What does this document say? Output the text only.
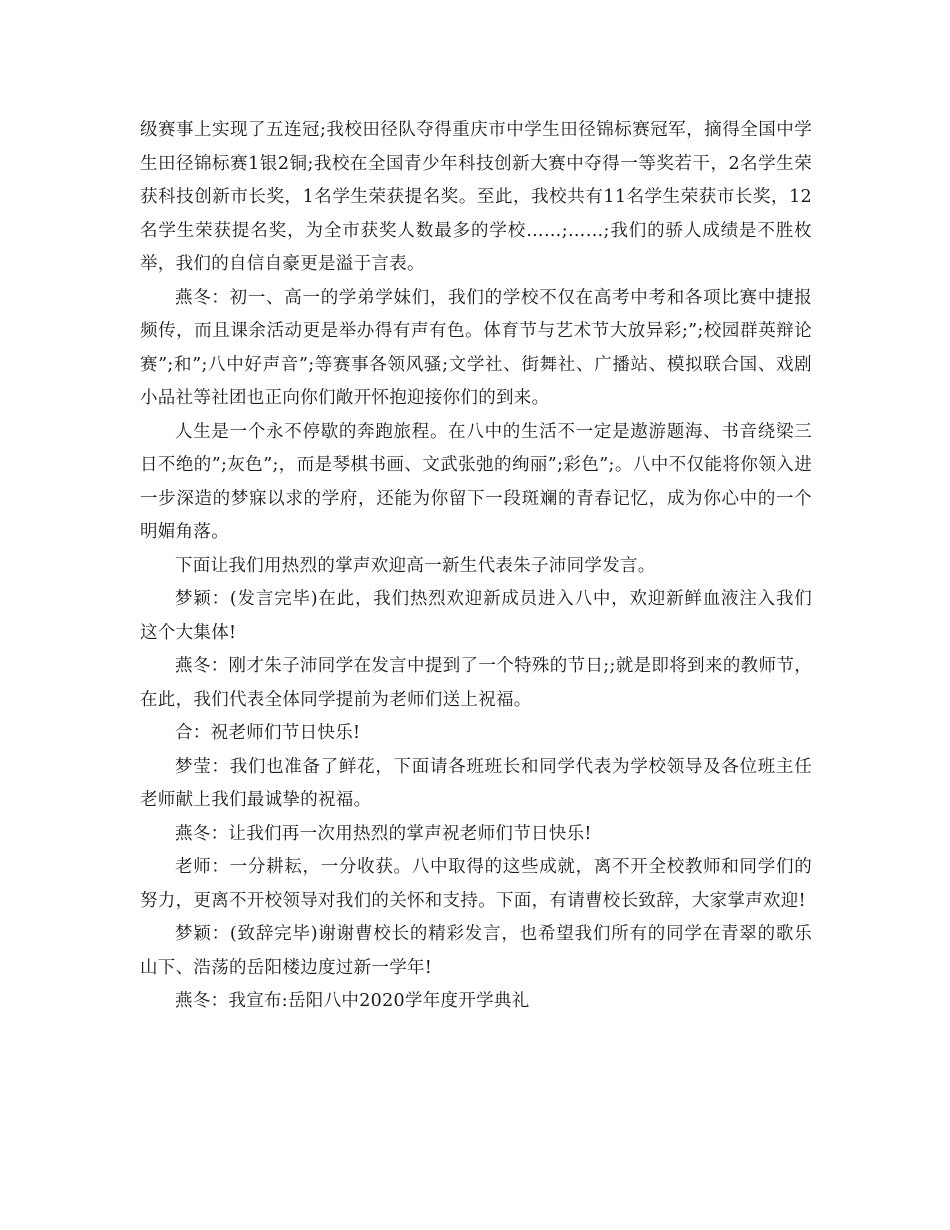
级赛事上实现了五连冠;我校田径队夺得重庆市中学生田径锦标赛冠军，摘得全国中学生田径锦标赛1银2铜;我校在全国青少年科技创新大赛中夺得一等奖若干，2名学生荣获科技创新市长奖，1名学生荣获提名奖。至此，我校共有11名学生荣获市长奖，12名学生荣获提名奖，为全市获奖人数最多的学校……;……;我们的骄人成绩是不胜枚举，我们的自信自豪更是溢于言表。

燕冬：初一、高一的学弟学妹们，我们的学校不仅在高考中考和各项比赛中捷报频传，而且课余活动更是举办得有声有色。体育节与艺术节大放异彩;”;校园群英辩论赛”;和”;八中好声音”;等赛事各领风骚;文学社、街舞社、广播站、模拟联合国、戏剧小品社等社团也正向你们敞开怀抱迎接你们的到来。

人生是一个永不停歇的奔跑旅程。在八中的生活不一定是遨游题海、书音绕梁三日不绝的”;灰色”;，而是琴棋书画、文武张弛的绚丽”;彩色”;。八中不仅能将你领入进一步深造的梦寐以求的学府，还能为你留下一段斑斓的青春记忆，成为你心中的一个明媚角落。

下面让我们用热烈的掌声欢迎高一新生代表朱子沛同学发言。

梦颖：(发言完毕)在此，我们热烈欢迎新成员进入八中，欢迎新鲜血液注入我们这个大集体!

燕冬：刚才朱子沛同学在发言中提到了一个特殊的节日;;就是即将到来的教师节，在此，我们代表全体同学提前为老师们送上祝福。

合：祝老师们节日快乐!

梦莹：我们也准备了鲜花，下面请各班班长和同学代表为学校领导及各位班主任老师献上我们最诚挚的祝福。

燕冬：让我们再一次用热烈的掌声祝老师们节日快乐!

老师：一分耕耘，一分收获。八中取得的这些成就，离不开全校教师和同学们的努力，更离不开校领导对我们的关怀和支持。下面，有请曹校长致辞，大家掌声欢迎!

梦颖：(致辞完毕)谢谢曹校长的精彩发言，也希望我们所有的同学在青翠的歌乐山下、浩荡的岳阳楼边度过新一学年!

燕冬：我宣布:岳阳八中2020学年度开学典礼
